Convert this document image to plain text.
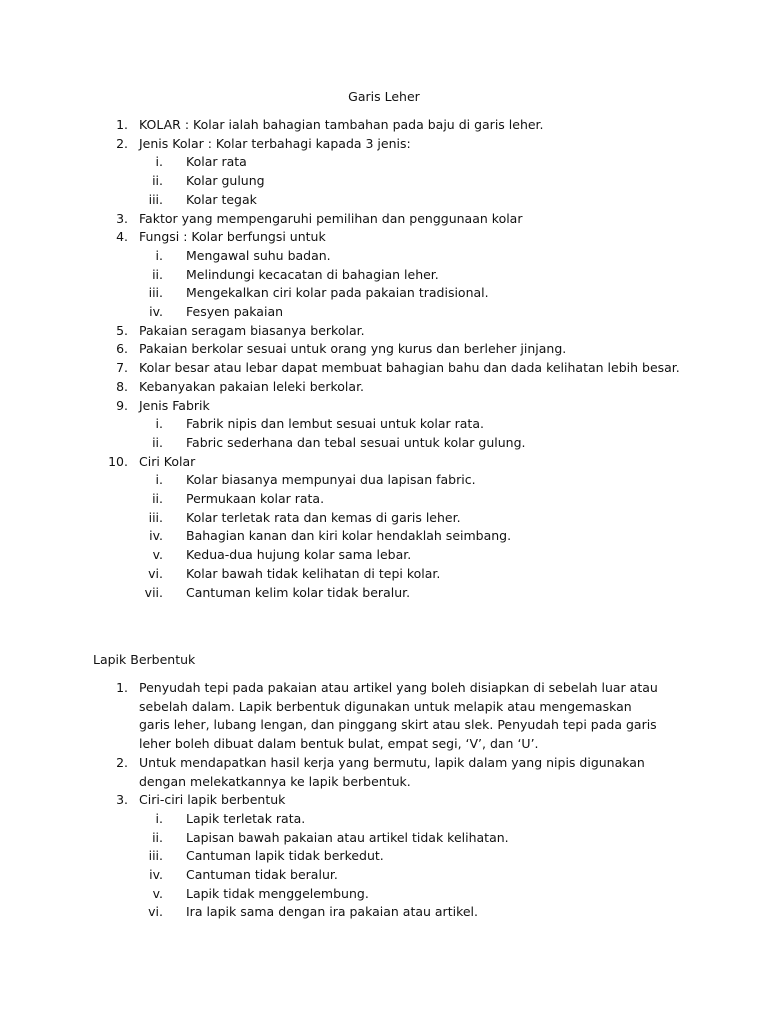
Garis Leher
1. KOLAR : Kolar ialah bahagian tambahan pada baju di garis leher.
2. Jenis Kolar : Kolar terbahagi kapada 3 jenis:
i. Kolar rata
ii. Kolar gulung
iii. Kolar tegak
3. Faktor yang mempengaruhi pemilihan dan penggunaan kolar
4. Fungsi : Kolar berfungsi untuk
i. Mengawal suhu badan.
ii. Melindungi kecacatan di bahagian leher.
iii. Mengekalkan ciri kolar pada pakaian tradisional.
iv. Fesyen pakaian
5. Pakaian seragam biasanya berkolar.
6. Pakaian berkolar sesuai untuk orang yng kurus dan berleher jinjang.
7. Kolar besar atau lebar dapat membuat bahagian bahu dan dada kelihatan lebih besar.
8. Kebanyakan pakaian leleki berkolar.
9. Jenis Fabrik
i. Fabrik nipis dan lembut sesuai untuk kolar rata.
ii. Fabric sederhana dan tebal sesuai untuk kolar gulung.
10. Ciri Kolar
i. Kolar biasanya mempunyai dua lapisan fabric.
ii. Permukaan kolar rata.
iii. Kolar terletak rata dan kemas di garis leher.
iv. Bahagian kanan dan kiri kolar hendaklah seimbang.
v. Kedua-dua hujung kolar sama lebar.
vi. Kolar bawah tidak kelihatan di tepi kolar.
vii. Cantuman kelim kolar tidak beralur.
Lapik Berbentuk
1. Penyudah tepi pada pakaian atau artikel yang boleh disiapkan di sebelah luar atau sebelah dalam. Lapik berbentuk digunakan untuk melapik atau mengemaskan garis leher, lubang lengan, dan pinggang skirt atau slek. Penyudah tepi pada garis leher boleh dibuat dalam bentuk bulat, empat segi, ‘V’, dan ‘U’.
2. Untuk mendapatkan hasil kerja yang bermutu, lapik dalam yang nipis digunakan dengan melekatkannya ke lapik berbentuk.
3. Ciri-ciri lapik berbentuk
i. Lapik terletak rata.
ii. Lapisan bawah pakaian atau artikel tidak kelihatan.
iii. Cantuman lapik tidak berkedut.
iv. Cantuman tidak beralur.
v. Lapik tidak menggelembung.
vi. Ira lapik sama dengan ira pakaian atau artikel.
